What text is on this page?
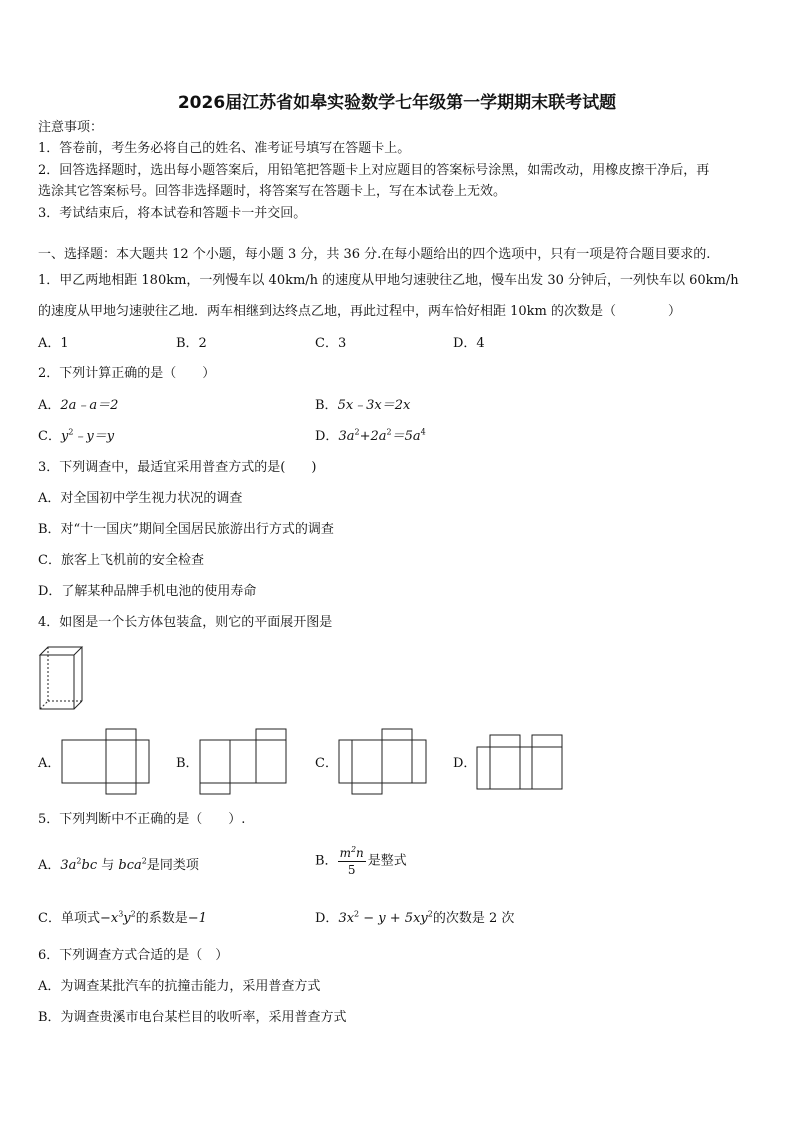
2026届江苏省如皋实验数学七年级第一学期期末联考试题
注意事项：
1．答卷前，考生务必将自己的姓名、准考证号填写在答题卡上。
2．回答选择题时，选出每小题答案后，用铅笔把答题卡上对应题目的答案标号涂黑，如需改动，用橡皮擦干净后，再
选涂其它答案标号。回答非选择题时，将答案写在答题卡上，写在本试卷上无效。
3．考试结束后，将本试卷和答题卡一并交回。
一、选择题：本大题共 12 个小题，每小题 3 分，共 36 分.在每小题给出的四个选项中，只有一项是符合题目要求的.
1．甲乙两地相距 180km，一列慢车以 40km/h 的速度从甲地匀速驶往乙地，慢车出发 30 分钟后，一列快车以 60km/h
的速度从甲地匀速驶往乙地．两车相继到达终点乙地，再此过程中，两车恰好相距 10km 的次数是（　　　　）
A．1	B．2	C．3	D．4
2．下列计算正确的是（　　）
A．2a﹣a＝2	B．5x﹣3x＝2x
C．$y^2﹣y=y$	D．$3a^2+2a^2=5a^4$
3．下列调查中，最适宜采用普查方式的是(　　)
A．对全国初中学生视力状况的调查
B．对“十一国庆”期间全国居民旅游出行方式的调查
C．旅客上飞机前的安全检查
D．了解某种品牌手机电池的使用寿命
4．如图是一个长方体包装盒，则它的平面展开图是
A．	B．	C．	D．
5．下列判断中不正确的是（　　）.
A．$3a^2bc$ 与 bca$^2$是同类项	B． $\frac{m^2n}{5}$ 是整式
C．单项式$-x^3y^2$的系数是−1	D．$3x^2 - y + 5xy^2$的次数是 2 次
6．下列调查方式合适的是（　）
A．为调查某批汽车的抗撞击能力，采用普查方式
B．为调查贵溪市电台某栏目的收听率，采用普查方式
